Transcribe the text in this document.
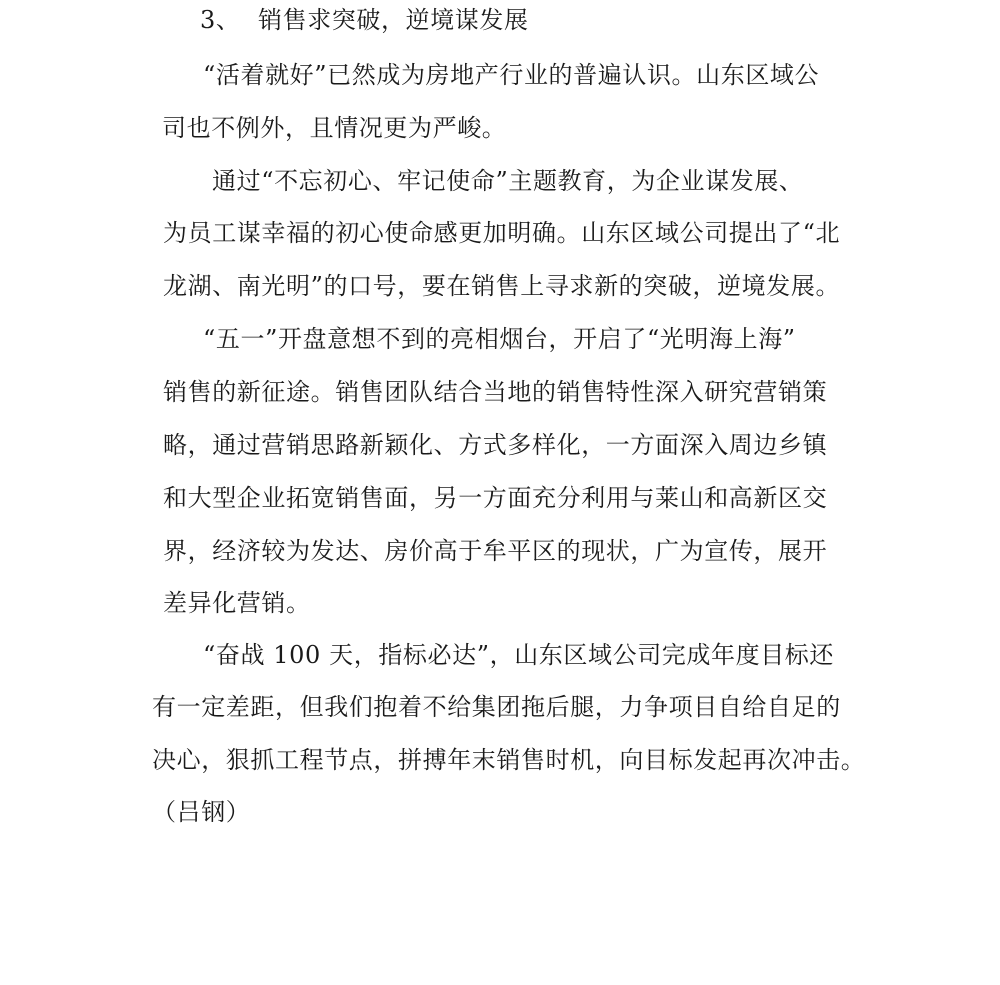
3、 销售求突破，逆境谋发展
“活着就好”已然成为房地产行业的普遍认识。山东区域公
司也不例外，且情况更为严峻。
通过“不忘初心、牢记使命”主题教育，为企业谋发展、
为员工谋幸福的初心使命感更加明确。山东区域公司提出了“北
龙湖、南光明”的口号，要在销售上寻求新的突破，逆境发展。
“五一”开盘意想不到的亮相烟台，开启了“光明海上海”
销售的新征途。销售团队结合当地的销售特性深入研究营销策
略，通过营销思路新颖化、方式多样化，一方面深入周边乡镇
和大型企业拓宽销售面，另一方面充分利用与莱山和高新区交
界，经济较为发达、房价高于牟平区的现状，广为宣传，展开
差异化营销。
“奋战 100 天，指标必达”，山东区域公司完成年度目标还
有一定差距，但我们抱着不给集团拖后腿，力争项目自给自足的
决心，狠抓工程节点，拼搏年末销售时机，向目标发起再次冲击。
（吕钢）
